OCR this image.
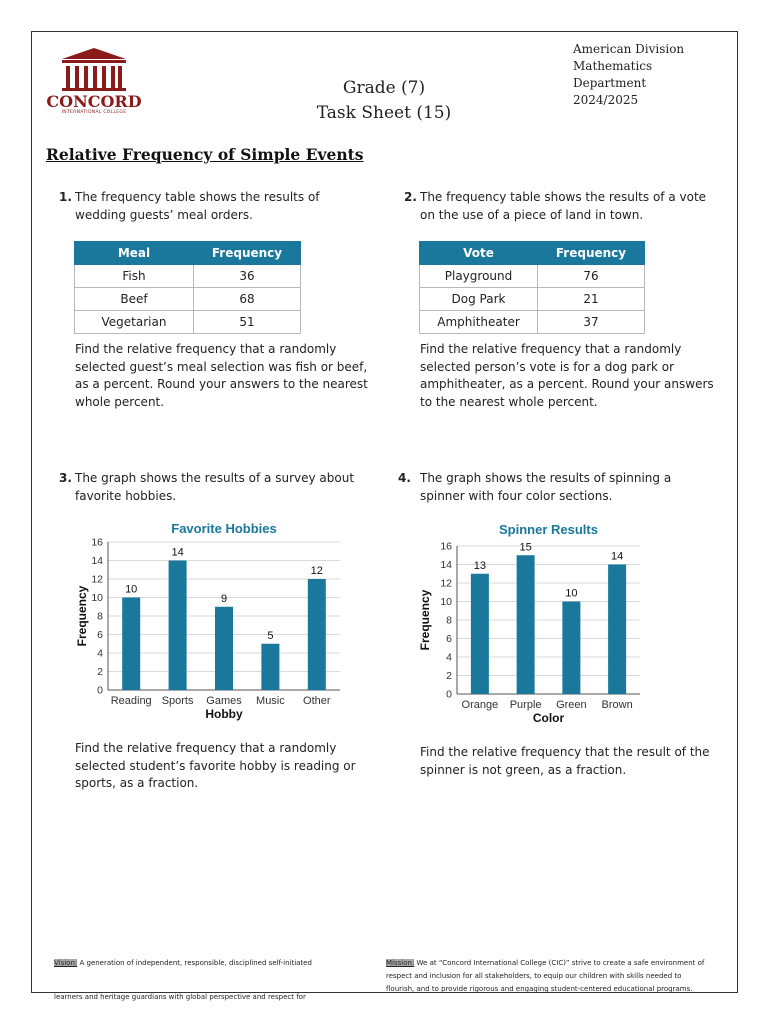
CONCORD
INTERNATIONAL COLLEGE
Grade (7)
Task Sheet (15)
American Division
Mathematics
Department
2024/2025
Relative Frequency of Simple Events
1. The frequency table shows the results of wedding guests’ meal orders.
Meal	Frequency
Fish	36
Beef	68
Vegetarian	51
Find the relative frequency that a randomly selected guest’s meal selection was fish or beef, as a percent. Round your answers to the nearest whole percent.
2. The frequency table shows the results of a vote on the use of a piece of land in town.
Vote	Frequency
Playground	76
Dog Park	21
Amphitheater	37
Find the relative frequency that a randomly selected person’s vote is for a dog park or amphitheater, as a percent. Round your answers to the nearest whole percent.
3. The graph shows the results of a survey about favorite hobbies.
Favorite Hobbies
0
2
4
6
8
10
12
14
16
10
Reading
14
Sports
9
Games
5
Music
12
Other
Hobby
Frequency
Find the relative frequency that a randomly selected student’s favorite hobby is reading or sports, as a fraction.
4. The graph shows the results of spinning a spinner with four color sections.
Spinner Results
0
2
4
6
8
10
12
14
16
13
Orange
15
Purple
10
Green
14
Brown
Color
Frequency
Find the relative frequency that the result of the spinner is not green, as a fraction.
Vision: A generation of independent, responsible, disciplined self-initiated
learners and heritage guardians with global perspective and respect for
Mission: We at “Concord International College (CIC)” strive to create a safe environment of
respect and inclusion for all stakeholders, to equip our children with skills needed to
flourish, and to provide rigorous and engaging student-centered educational programs.
